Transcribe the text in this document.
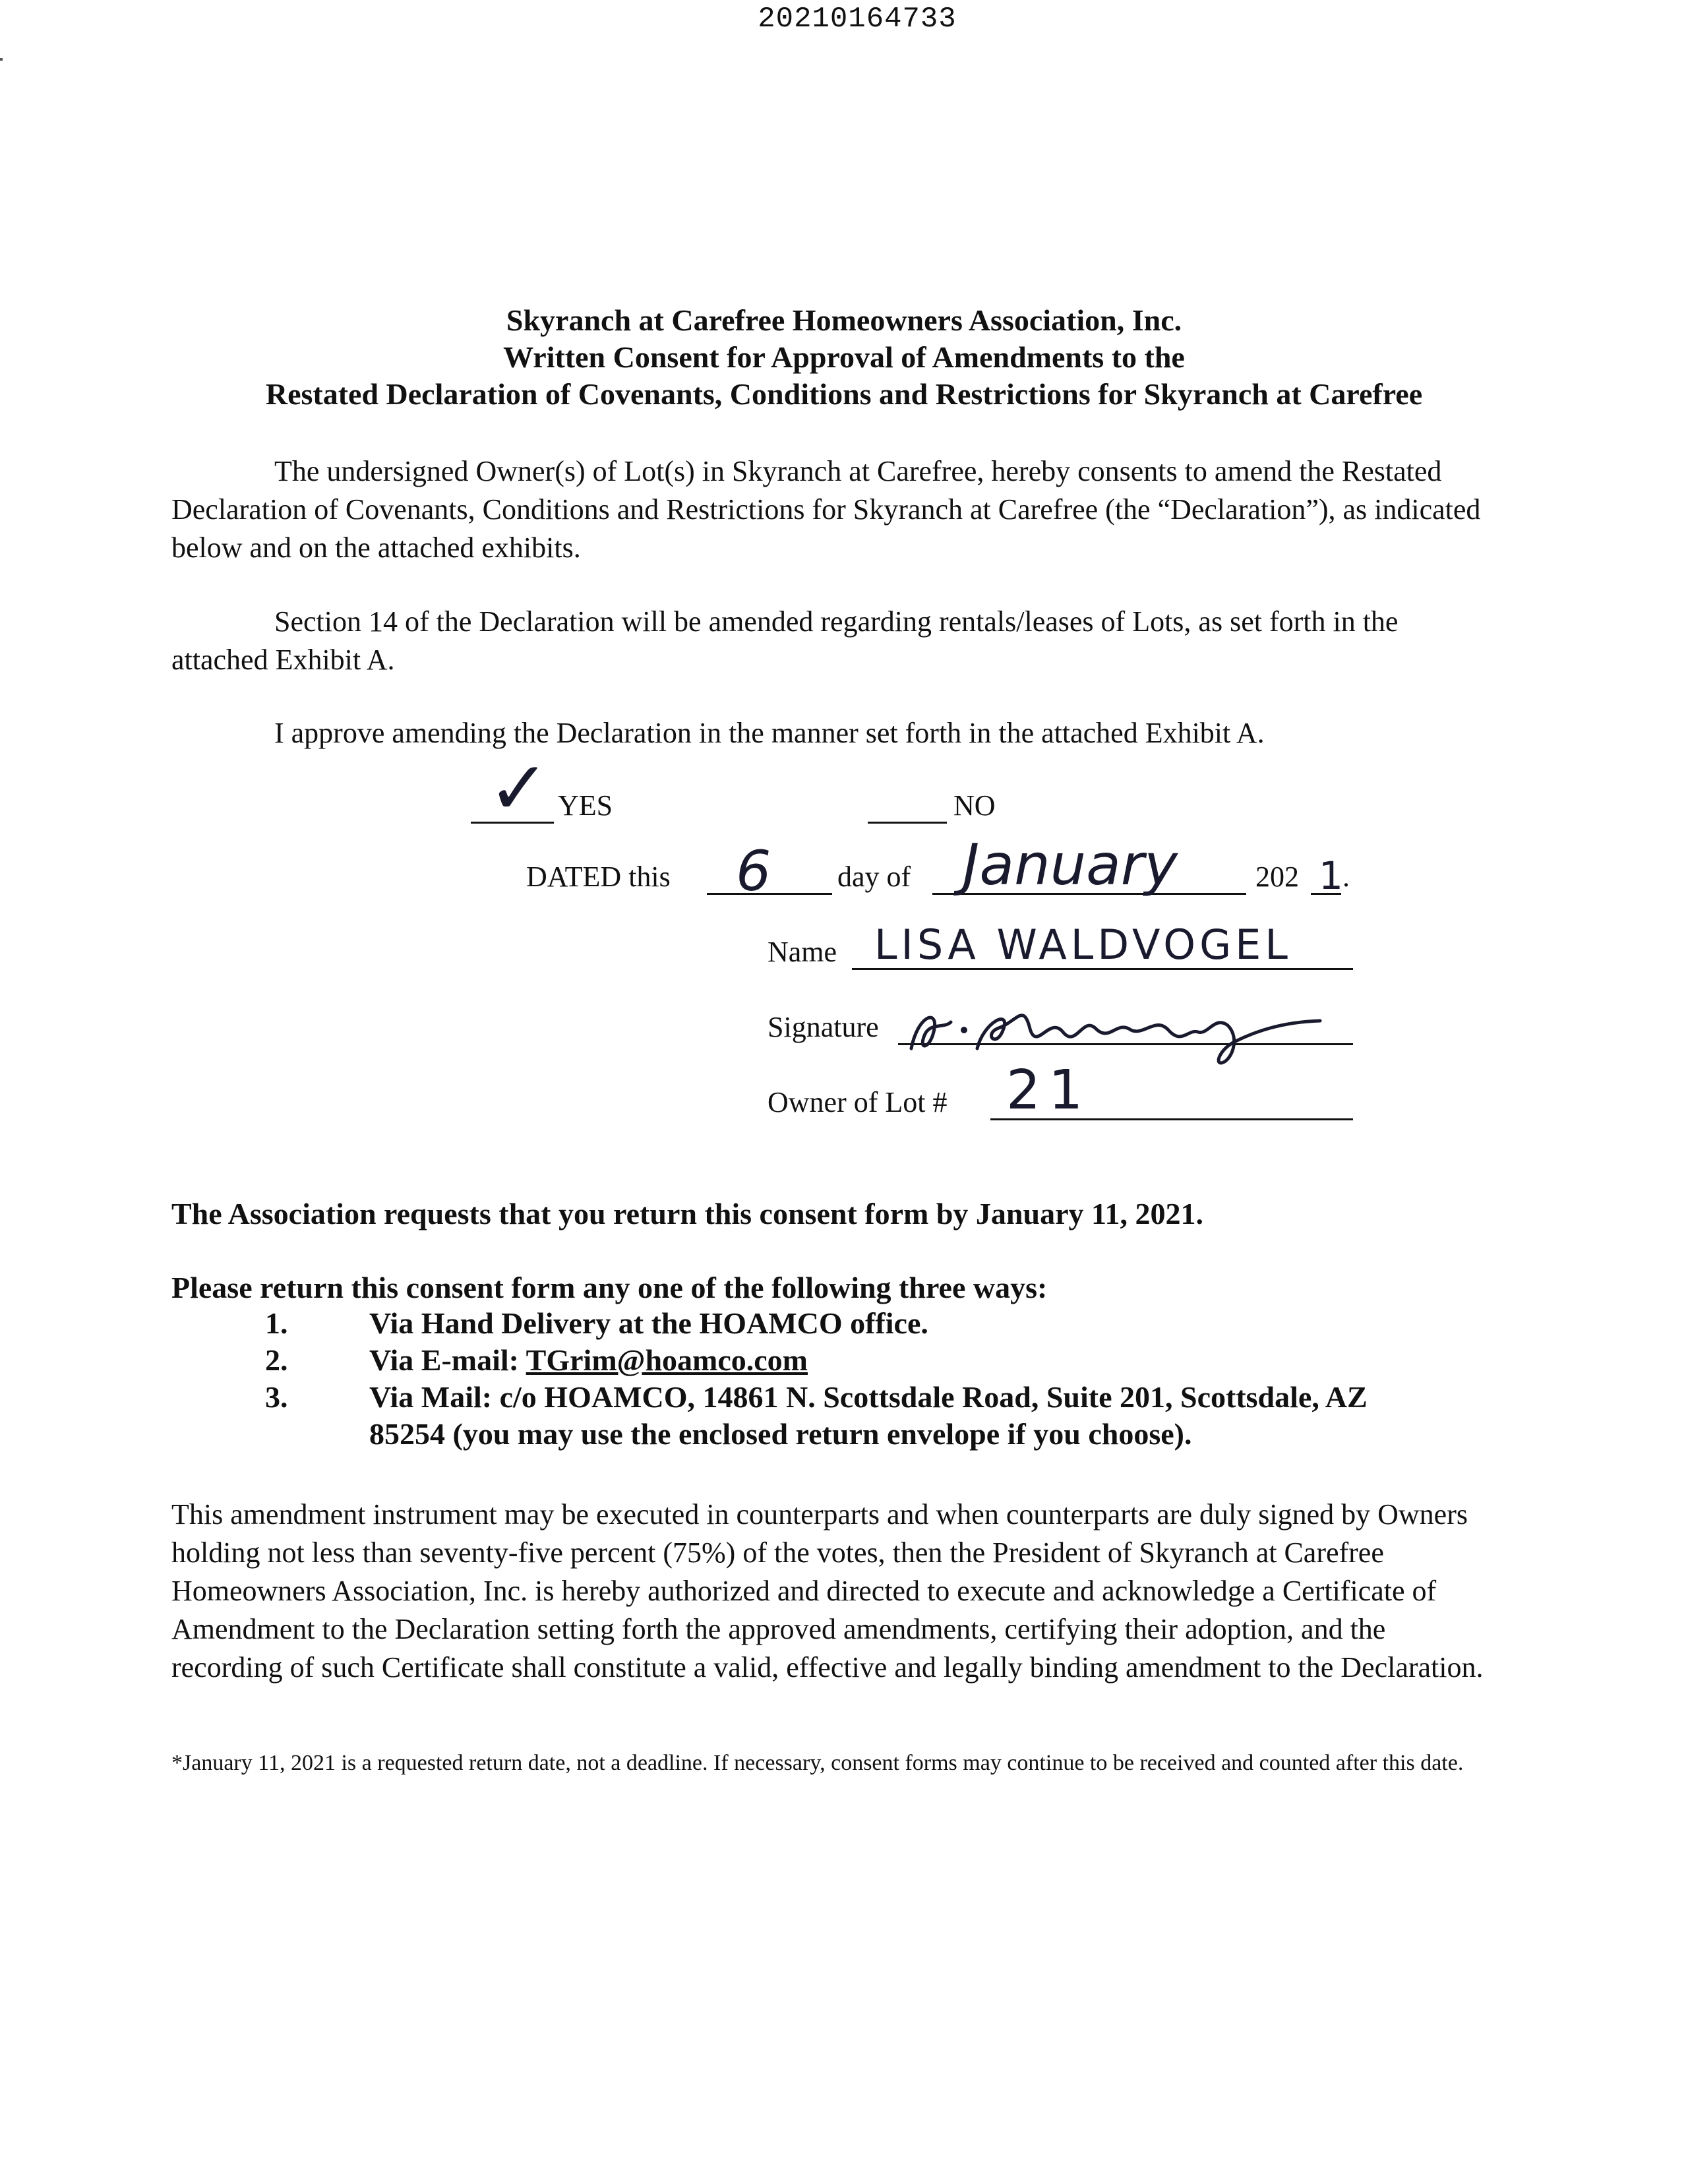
20210164733
Skyranch at Carefree Homeowners Association, Inc.
Written Consent for Approval of Amendments to the
Restated Declaration of Covenants, Conditions and Restrictions for Skyranch at Carefree
The undersigned Owner(s) of Lot(s) in Skyranch at Carefree, hereby consents to amend the Restated Declaration of Covenants, Conditions and Restrictions for Skyranch at Carefree (the “Declaration”), as indicated below and on the attached exhibits.
Section 14 of the Declaration will be amended regarding rentals/leases of Lots, as set forth in the attached Exhibit A.
I approve amending the Declaration in the manner set forth in the attached Exhibit A.
✓ YES	NO
DATED this 6 day of January	202 1 .
Name LISA WALDVOGEL
Signature
Owner of Lot # 21
The Association requests that you return this consent form by January 11, 2021.
Please return this consent form any one of the following three ways:
1.	Via Hand Delivery at the HOAMCO office.
2.	Via E-mail: TGrim@hoamco.com
3.	Via Mail: c/o HOAMCO, 14861 N. Scottsdale Road, Suite 201, Scottsdale, AZ
85254 (you may use the enclosed return envelope if you choose).
This amendment instrument may be executed in counterparts and when counterparts are duly signed by Owners holding not less than seventy-five percent (75%) of the votes, then the President of Skyranch at Carefree Homeowners Association, Inc. is hereby authorized and directed to execute and acknowledge a Certificate of Amendment to the Declaration setting forth the approved amendments, certifying their adoption, and the recording of such Certificate shall constitute a valid, effective and legally binding amendment to the Declaration.
*January 11, 2021 is a requested return date, not a deadline. If necessary, consent forms may continue to be received and counted after this date.
